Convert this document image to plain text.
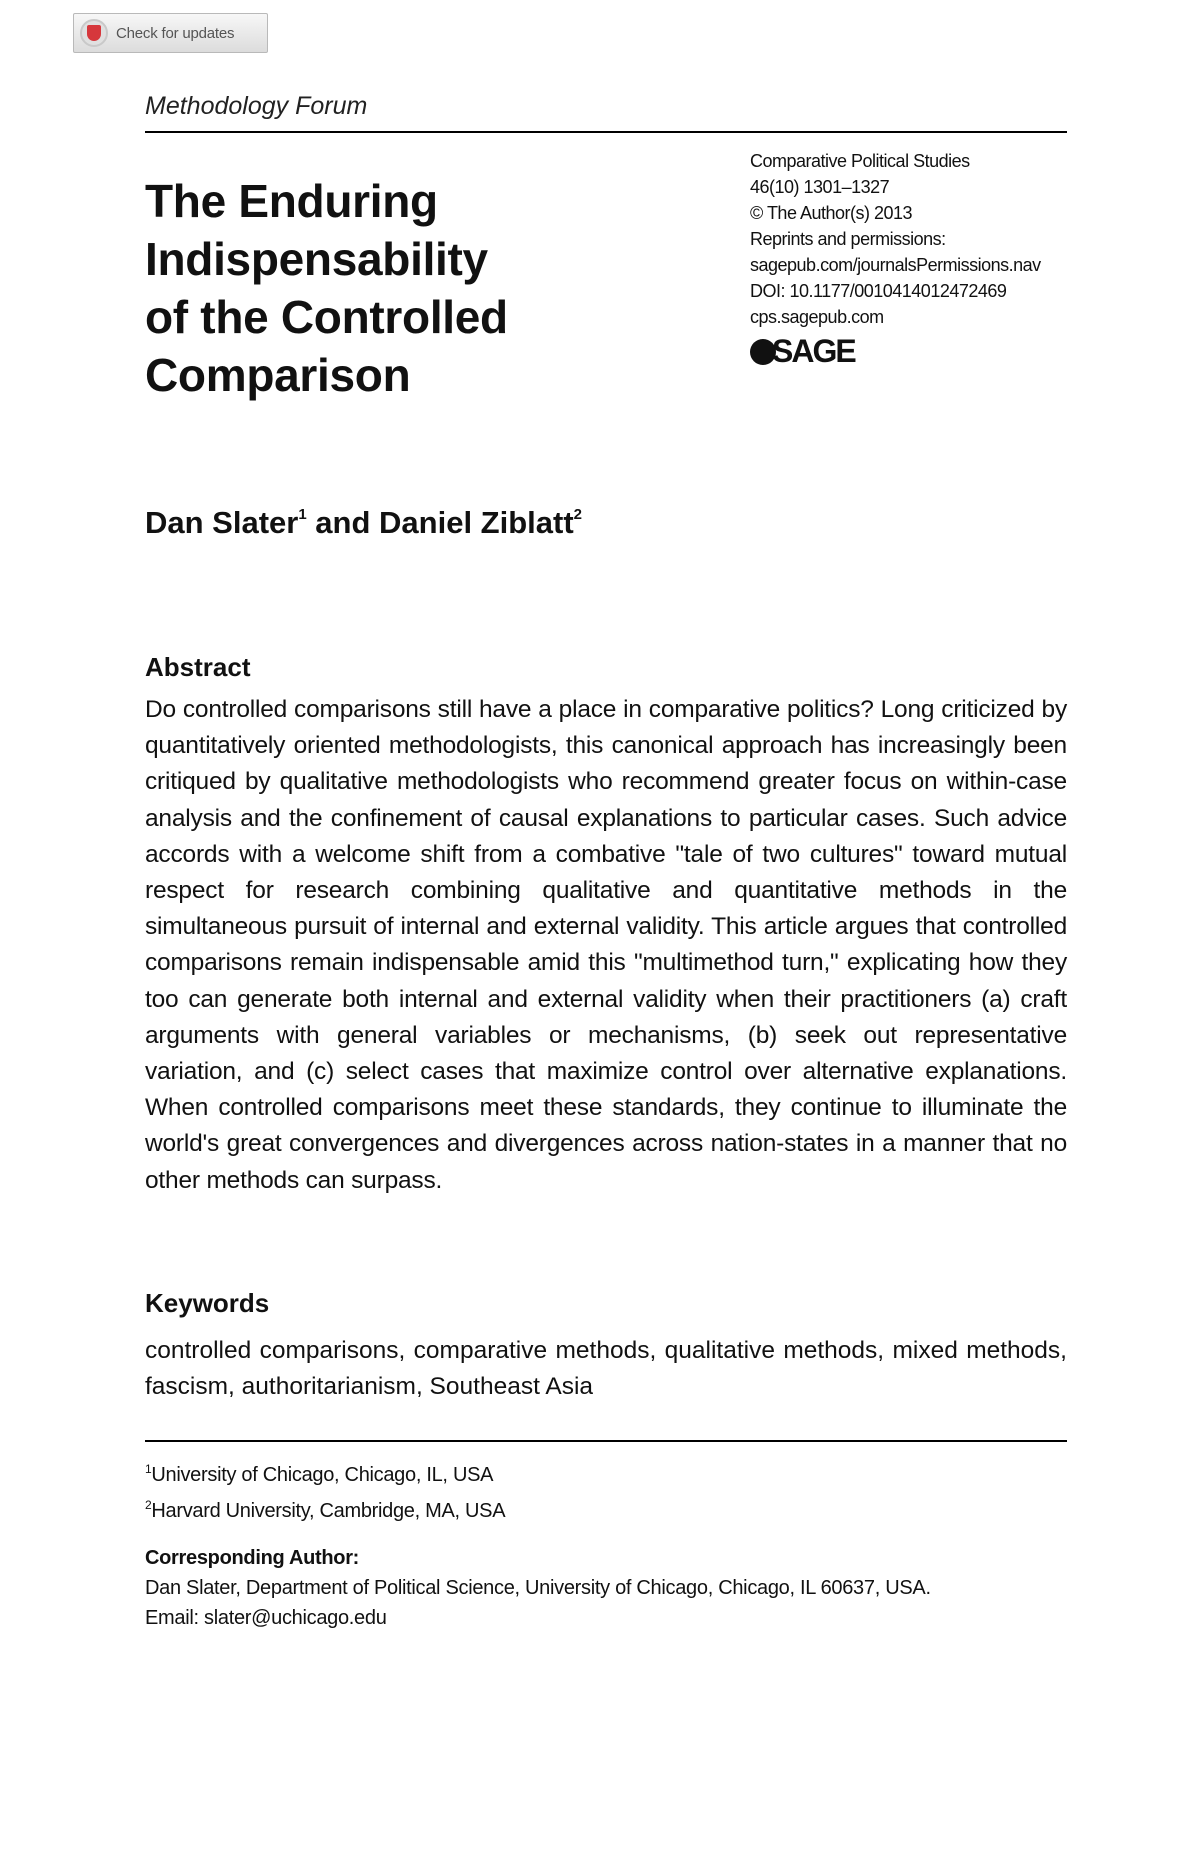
Check for updates
Methodology Forum
The Enduring
Indispensability
of the Controlled
Comparison
Comparative Political Studies
46(10) 1301–1327
© The Author(s) 2013
Reprints and permissions:
sagepub.com/journalsPermissions.nav
DOI: 10.1177/0010414012472469
cps.sagepub.com
SAGE
Dan Slater$^1$ and Daniel Ziblatt$^2$
Abstract
Do controlled comparisons still have a place in comparative politics? Long criticized by quantitatively oriented methodologists, this canonical approach has increasingly been critiqued by qualitative methodologists who recommend greater focus on within-case analysis and the confinement of causal explanations to particular cases. Such advice accords with a welcome shift from a combative "tale of two cultures" toward mutual respect for research combining qualitative and quantitative methods in the simultaneous pursuit of internal and external validity. This article argues that controlled comparisons remain indispensable amid this "multimethod turn," explicating how they too can generate both internal and external validity when their practitioners (a) craft arguments with general variables or mechanisms, (b) seek out representative variation, and (c) select cases that maximize control over alternative explanations. When controlled comparisons meet these standards, they continue to illuminate the world's great convergences and divergences across nation-states in a manner that no other methods can surpass.
Keywords
controlled comparisons, comparative methods, qualitative methods, mixed methods, fascism, authoritarianism, Southeast Asia
$^1$University of Chicago, Chicago, IL, USA
$^2$Harvard University, Cambridge, MA, USA
Corresponding Author:
Dan Slater, Department of Political Science, University of Chicago, Chicago, IL 60637, USA.
Email: slater@uchicago.edu
